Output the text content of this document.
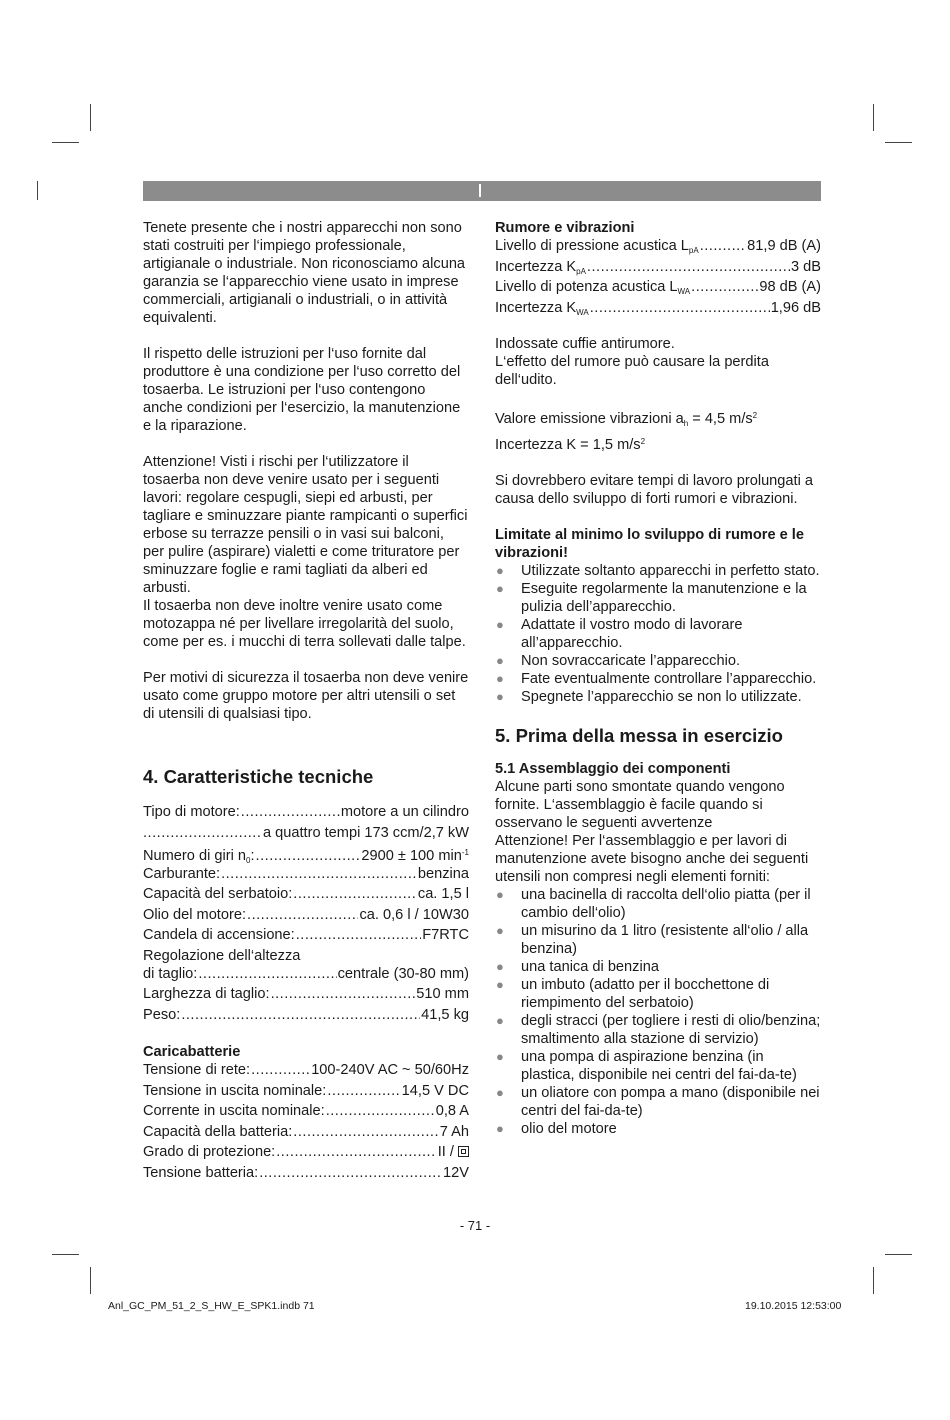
Tenete presente che i nostri apparecchi non sono stati costruiti per l‘impiego professionale, artigianale o industriale. Non riconosciamo alcuna garanzia se l‘apparecchio viene usato in imprese commerciali, artigianali o industriali, o in attività equivalenti.

Il rispetto delle istruzioni per l‘uso fornite dal produttore è una condizione per l‘uso corretto del tosaerba. Le istruzioni per l‘uso contengono anche condizioni per l‘esercizio, la manutenzione e la riparazione.

Attenzione! Visti i rischi per l‘utilizzatore il tosaerba non deve venire usato per i seguenti lavori: regolare cespugli, siepi ed arbusti, per tagliare e sminuzzare piante rampicanti o superfici erbose su terrazze pensili o in vasi sui balconi, per pulire (aspirare) vialetti e come trituratore per sminuzzare foglie e rami tagliati da alberi ed arbusti.

Il tosaerba non deve inoltre venire usato come motozappa né per livellare irregolarità del suolo, come per es. i mucchi di terra sollevati dalle talpe.

Per motivi di sicurezza il tosaerba non deve venire usato come gruppo motore per altri utensili o set di utensili di qualsiasi tipo.

4. Caratteristiche tecniche
Tipo di motore: .....	motore a un cilindro
.....
a quattro tempi 173 ccm/2,7 kW
Numero di giri $n_0$: .....	2900 ± 100 $\min^{-1}$
Carburante: .....	benzina
Capacità del serbatoio: .....	ca. 1,5 l
Olio del motore: .....	ca. 0,6 l / 10W30
Candela di accensione: .....	F7RTC
Regolazione dell‘altezza
di taglio: .....	centrale (30-80 mm)
Larghezza di taglio: .....	510 mm
Peso: .....	41,5 kg
Caricabatterie
Tensione di rete: .....	100-240V AC ~ 50/60Hz
Tensione in uscita nominale: .....	14,5 V DC
Corrente in uscita nominale: .....	0,8 A
Capacità della batteria: .....	7 Ah
Grado di protezione: .....	II /
Tensione batteria: .....	12V
Rumore e vibrazioni
Livello di pressione acustica $L_{pA}$ .....	81,9 dB (A)
Incertezza $K_{pA}$ .....	3 dB
Livello di potenza acustica $L_{WA}$ .....	98 dB (A)
Incertezza $K_{WA}$ .....	1,96 dB

Indossate cuffie antirumore.

L‘effetto del rumore può causare la perdita dell‘udito.

Valore emissione vibrazioni $a_h = 4,5$ $m/s^2$

Incertezza K = 1,5 $m/s^2$

Si dovrebbero evitare tempi di lavoro prolungati a causa dello sviluppo di forti rumori e vibrazioni.

Limitate al minimo lo sviluppo di rumore e le vibrazioni!

● Utilizzate soltanto apparecchi in perfetto stato.
● Eseguite regolarmente la manutenzione e la pulizia dell’apparecchio.
● Adattate il vostro modo di lavorare all’apparecchio.
● Non sovraccaricate l’apparecchio.
● Fate eventualmente controllare l’apparecchio.
● Spegnete l’apparecchio se non lo utilizzate.
5. Prima della messa in esercizio

5.1 Assemblaggio dei componenti

Alcune parti sono smontate quando vengono fornite. L‘assemblaggio è facile quando si osservano le seguenti avvertenze

Attenzione! Per l‘assemblaggio e per lavori di manutenzione avete bisogno anche dei seguenti utensili non compresi negli elementi forniti:

● una bacinella di raccolta dell‘olio piatta (per il cambio dell‘olio)
● un misurino da 1 litro (resistente all‘olio / alla benzina)
● una tanica di benzina
● un imbuto (adatto per il bocchettone di riempimento del serbatoio)
● degli stracci (per togliere i resti di olio/benzina; smaltimento alla stazione di servizio)
● una pompa di aspirazione benzina (in plastica, disponibile nei centri del fai-da-te)
● un oliatore con pompa a mano (disponibile nei centri del fai-da-te)
● olio del motore
- 71 -
Anl_GC_PM_51_2_S_HW_E_SPK1.indb 71	19.10.2015 12:53:00
